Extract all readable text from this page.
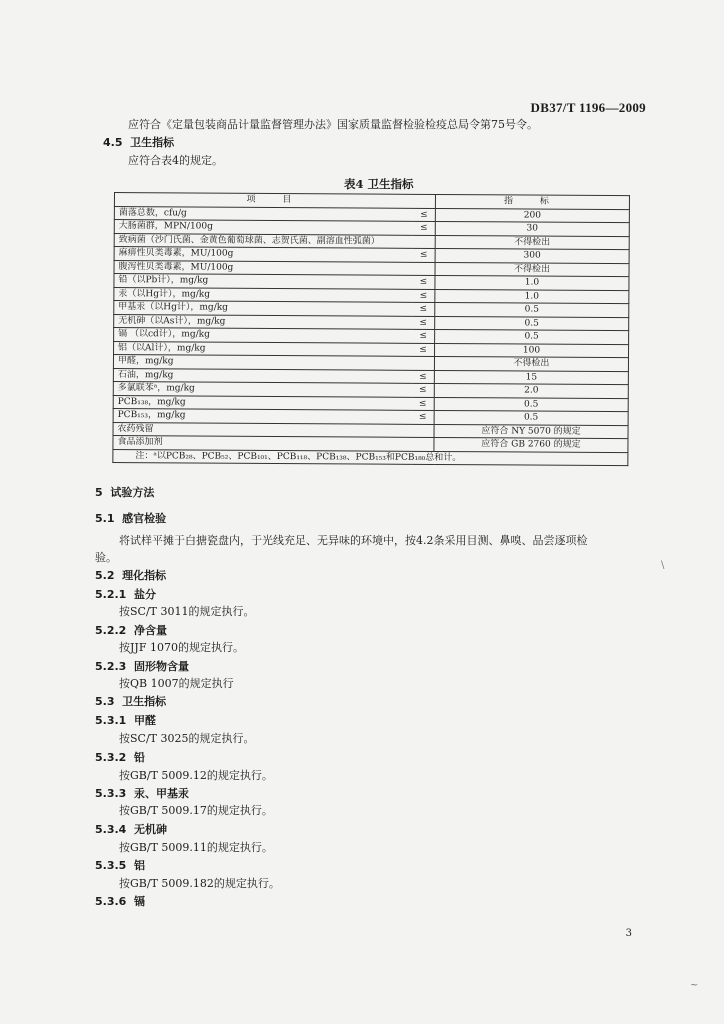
DB37/T 1196—2009
应符合《定量包装商品计量监督管理办法》国家质量监督检验检疫总局令第75号令。
4.5 卫生指标
应符合表4的规定。
表4 卫生指标
项 目		指 标
菌落总数，cfu/g	≤	200
大肠菌群，MPN/100g	≤	30
致病菌（沙门氏菌、金黄色葡萄球菌、志贺氏菌、副溶血性弧菌）		不得检出
麻痹性贝类毒素，MU/100g	≤	300
腹泻性贝类毒素，MU/100g		不得检出
铅（以Pb计），mg/kg	≤	1.0
汞（以Hg计），mg/kg	≤	1.0
甲基汞（以Hg计），mg/kg	≤	0.5
无机砷（以As计），mg/kg	≤	0.5
镉 （以cd计），mg/kg	≤	0.5
铝（以Al计），mg/kg	≤	100
甲醛，mg/kg		不得检出
石油，mg/kg	≤	15
多氯联苯ᵃ，mg/kg	≤	2.0
PCB₁₃₈，mg/kg	≤	0.5
PCB₁₅₃，mg/kg	≤	0.5
农药残留		应符合 NY 5070 的规定
食品添加剂		应符合 GB 2760 的规定
注：ᵃ以PCB₂₈、PCB₅₂、PCB₁₀₁、PCB₁₁₈、PCB₁₃₈、PCB₁₅₃和PCB₁₈₀总和计。		
5 试验方法
5.1 感官检验
将试样平摊于白搪瓷盘内，于光线充足、无异味的环境中，按4.2条采用目测、鼻嗅、品尝逐项检
验。
5.2 理化指标
5.2.1 盐分
按SC/T 3011的规定执行。
5.2.2 净含量
按JJF 1070的规定执行。
5.2.3 固形物含量
按QB 1007的规定执行
5.3 卫生指标
5.3.1 甲醛
按SC/T 3025的规定执行。
5.3.2 铅
按GB/T 5009.12的规定执行。
5.3.3 汞、甲基汞
按GB/T 5009.17的规定执行。
5.3.4 无机砷
按GB/T 5009.11的规定执行。
5.3.5 铝
按GB/T 5009.182的规定执行。
5.3.6 镉
3
\
~
